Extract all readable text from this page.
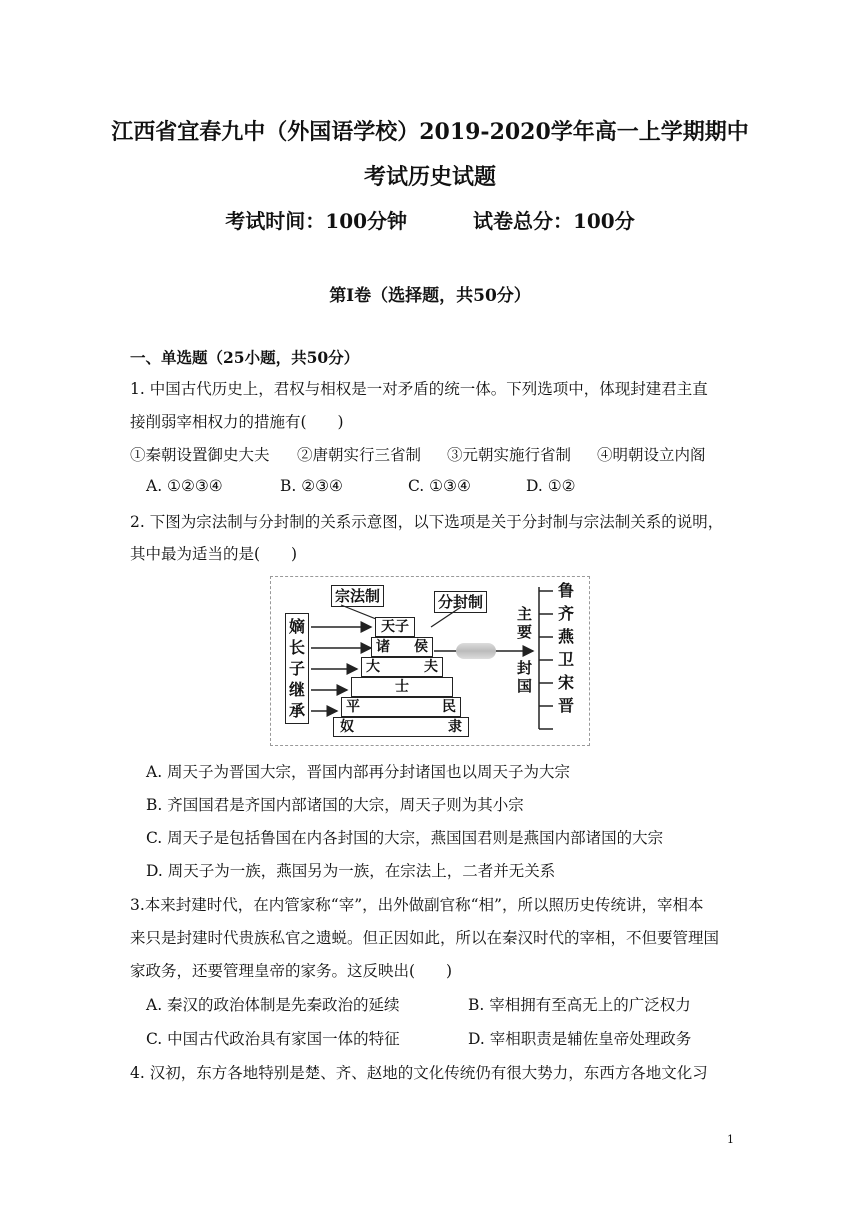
江西省宜春九中（外国语学校）2019-2020学年高一上学期期中
考试历史试题
考试时间：100分钟	试卷总分：100分
第Ⅰ卷（选择题，共50分）
一、单选题（25小题，共50分）
1. 中国古代历史上，君权与相权是一对矛盾的统一体。下列选项中，体现封建君主直
接削弱宰相权力的措施有(　　)
①秦朝设置御史大夫 ②唐朝实行三省制 ③元朝实施行省制 ④明朝设立内阁
A. ①②③④	B. ②③④	C. ①③④	D. ①②
2. 下图为宗法制与分封制的关系示意图，以下选项是关于分封制与宗法制关系的说明，
其中最为适当的是(　　)
宗法制	分封制
嫡
长
子
继
承
天子
诸 侯
大	夫
士
平	民
奴	隶
主
要
封
国
鲁
齐
燕
卫
宋
晋
A. 周天子为晋国大宗，晋国内部再分封诸国也以周天子为大宗
B. 齐国国君是齐国内部诸国的大宗，周天子则为其小宗
C. 周天子是包括鲁国在内各封国的大宗，燕国国君则是燕国内部诸国的大宗
D. 周天子为一族，燕国另为一族，在宗法上，二者并无关系
3.本来封建时代，在内管家称“宰”，出外做副官称“相”，所以照历史传统讲，宰相本
来只是封建时代贵族私官之遗蜕。但正因如此，所以在秦汉时代的宰相，不但要管理国
家政务，还要管理皇帝的家务。这反映出(　　)
A. 秦汉的政治体制是先秦政治的延续	B. 宰相拥有至高无上的广泛权力
C. 中国古代政治具有家国一体的特征	D. 宰相职责是辅佐皇帝处理政务
4. 汉初，东方各地特别是楚、齐、赵地的文化传统仍有很大势力，东西方各地文化习
1
